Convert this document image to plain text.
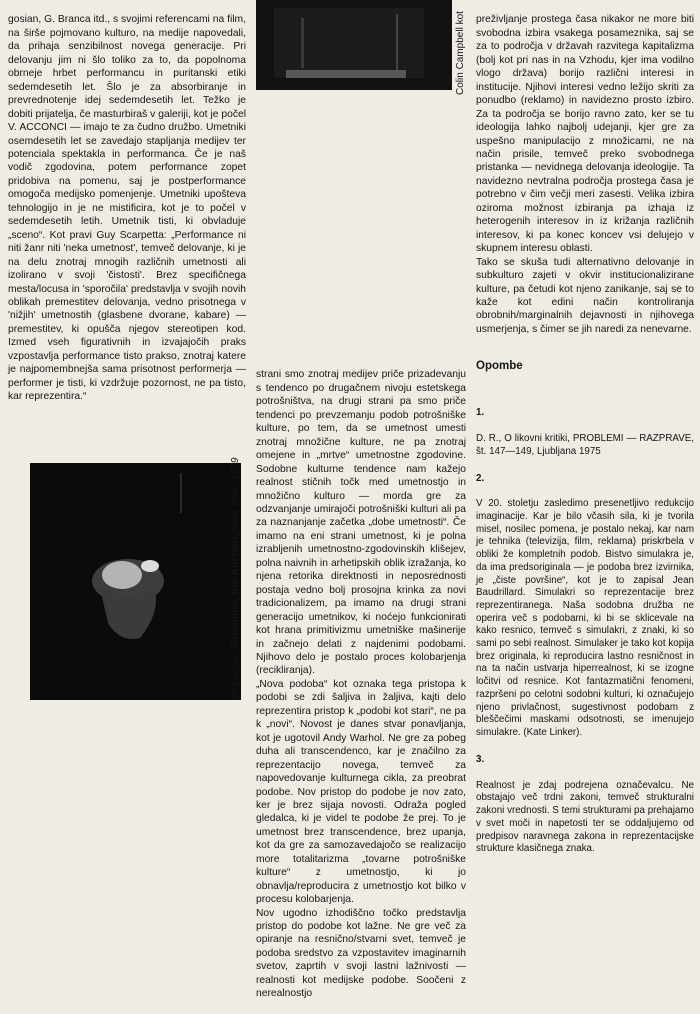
gosian, G. Branca itd., s svojimi referencami na film, na širše pojmovano kulturo, na medije napovedali, da prihaja senzibilnost novega generacije. Pri delovanju jim ni šlo toliko za to, da popolnoma obrneje hrbet performancu in puritanski etiki sedemdesetih let. Šlo je za absorbiranje in prevrednotenje idej sedemdesetih let. Težko je dobiti prijatelja, če masturbiraš v galeriji, kot je počel V. ACCONCI — imajo te za čudno družbo. Umetniki osemdesetih let se zavedajo stapljanja medijev ter potencialа spektakla in performanca. Če je naš vodič zgodovina, potem performance zopet pridobiva na pomenu, saj je postperformance omogoča medijsko pomenjenje. Umetniki upošteva tehnologijo in je ne mistificira, kot je to počel v sedemdesetih letih. Umetnik tisti, ki obvladuje „sceno“. Kot pravi Guy Scarpetta: „Performance ni niti žanr niti 'neka umetnost', temveč delovanje, ki je na delu znotraj mnogih različnih umetnosti ali izolirano v svoji 'čistosti'. Brez specifičnega mesta/locusa in 'sporočila' predstavlja v svojih novih oblikah premestitev delovanja, vedno prisotnega v 'nižjih' umetnostih (glasbene dvorane, kabare) — premestitev, ki opušča njegov stereotipen kod. Izmed vseh figurativnih in izvajajočih praks vzpostavlja performance tisto prakso, znotraj katere je najpomembnejša sama prisotnost performerja — performer je tisti, ki vzdržuje pozornost, ne pa tisto, kar reprezentira.“

Colin Campbell kot
ert Longo, Surrender, the Kitchen, New York, 1979

strani smo znotraj medijev priče prizadevanju s tendenco po drugačnem nivoju estetskega potrošništva, na drugi strani pa smo priče tendenci po prevzemanju podob potrošniške kulture, po tem, da se umetnost umesti znotraj množične kulture, ne pa znotraj omejene in „mrtve“ umetnostne zgodovine. Sodobne kulturne tendence nam kažejo realnost stičnih točk med umetnostjo in množično kulturo — morda gre za odzvanjanje umirajoči potrošniški kulturi ali pa za naznanjanje začetka „dobe umetnosti“. Če imamo na eni strani umetnost, ki je polna izrabljenih umetnostno-zgodovinskih klišejev, polna naivnih in arhetipskih oblik izražanja, ko njena retorika direktnosti in neposrednosti postaja vedno bolj prosojna krinka za novi tradicionalizem, pa imamo na drugi strani generacijo umetnikov, ki noćejo funkcionirati kot hrana primitivizmu umetniške mašinerije in začnejo delati z najdenimi podobami. Njihovo delo je postalo proces kolobarjenja (recikliranja).
„Nova podoba“ kot oznaka tega pristopa k podobi se zdi šaljiva in žaljiva, kajti delo reprezentira pristop k „podobi kot stari“, ne pa k „novi“. Novost je danes stvar ponavljanja, kot je ugotovil Andy Warhol. Ne gre za pobeg duha ali transcendenco, kar je značilno za reprezentacijo novega, temveč za napovedovanje kulturnega cikla, za preobrat podobe. Nov pristop do podobe je nov zato, ker je brez sijaja novosti. Odraža pogled gledalca, ki je videl te podobe že prej. To je umetnost brez transcendence, brez upanja, kot da gre za samozavedajočo se realizacijo more totalitarizma „tovarne potrošniške kulture“ z umetnostjo, ki jo obnavlja/reproducira z umetnostjo kot bilko v procesu kolobarjenja.
Nov ugodno izhodiščno točko predstavlja pristop do podobe kot lažne. Ne gre več za opiranje na resnično/stvarni svet, temveč je podoba sredstvo za vzpostavitev imaginarnih svetov, zaprtih v svoji lastni lažnivosti — realnosti kot medijske podobe. Soočeni z nerealnostjo

preživljanje prostega časa nikakor ne more biti svobodna izbira vsakega posameznika, saj se za to področja v državah razvitega kapitalizma (bolj kot pri nas in na Vzhodu, kjer ima vodilno vlogo država) borijo različni interesi in institucije. Njihovi interesi vedno ležijo skriti za ponudbo (reklamo) in navidezno prosto izbiro. Za ta področja se borijo ravno zato, ker se tu ideologija lahko najbolj udejanji, kjer gre za uspešno manipulacijo z množicami, ne na način prisile, temveč preko svobodnega pristanka — nevidnega delovanja ideologije. Ta navidezno nevtralna področja prostega časa je potrebno v čim večji meri zasesti. Velika izbira oziroma možnost izbiranja pa izhaja iz heterogenih interesov in iz križanja različnih interesov, ki pa konec koncev vsi delujejo v skupnem interesu oblasti.
Tako se skuša tudi alternativno delovanje in subkulturo zajeti v okvir institucionalizirane kulture, pa četudi kot njeno zanikanje, saj se to kaže kot edini način kontroliranja obrobnih/marginalnih dejavnosti in njihovega usmerjenja, s čimer se jih naredi za nenevarne.

Opombe

1.

D. R., O likovni kritiki, PROBLEMI — RAZPRAVE, št. 147—149, Ljubljana 1975

2.

V 20. stoletju zasledimo presenetljivo redukcijo imaginacije. Kar je bilo včasih sila, ki je tvorila misel, nosilec pomena, je postalo nekaj, kar nam je tehnika (televizija, film, reklama) priskrbela v obliki že kompletnih podob. Bistvo simulakra je, da ima predsoriginala — je podoba brez izvirnika, je „čiste površine“, kot je to zapisal Jean Baudrillard. Simulakri so reprezentacije brez reprezentiranega. Naša sodobna družba ne operira več s podobami, ki bi se sklicevale na kako resnico, temveč s simulakri, z znaki, ki so sami po sebi realnost. Simulaker je tako kot kopija brez originala, ki reproducira lastno resničnost in na ta način ustvarja hiperrealnost, ki se izogne ločitvi od resnice. Kot fantazmatični fenomeni, razpršeni po celotni sodobni kulturi, ki označujejo njeno privlačnost, sugestivnost podobam z bleščečimi maskami odsotnosti, se imenujejo simulakre. (Kate Linker).

3.

Realnost je zdaj podrejena označevalcu. Ne obstajajo več trdni zakoni, temveč strukturalni zakoni vrednosti. S temi strukturami pa prehajamo v svet moči in napetosti ter se oddaljujemo od predpisov naravnega zakona in reprezentacijske strukture klasičnega znaka.
